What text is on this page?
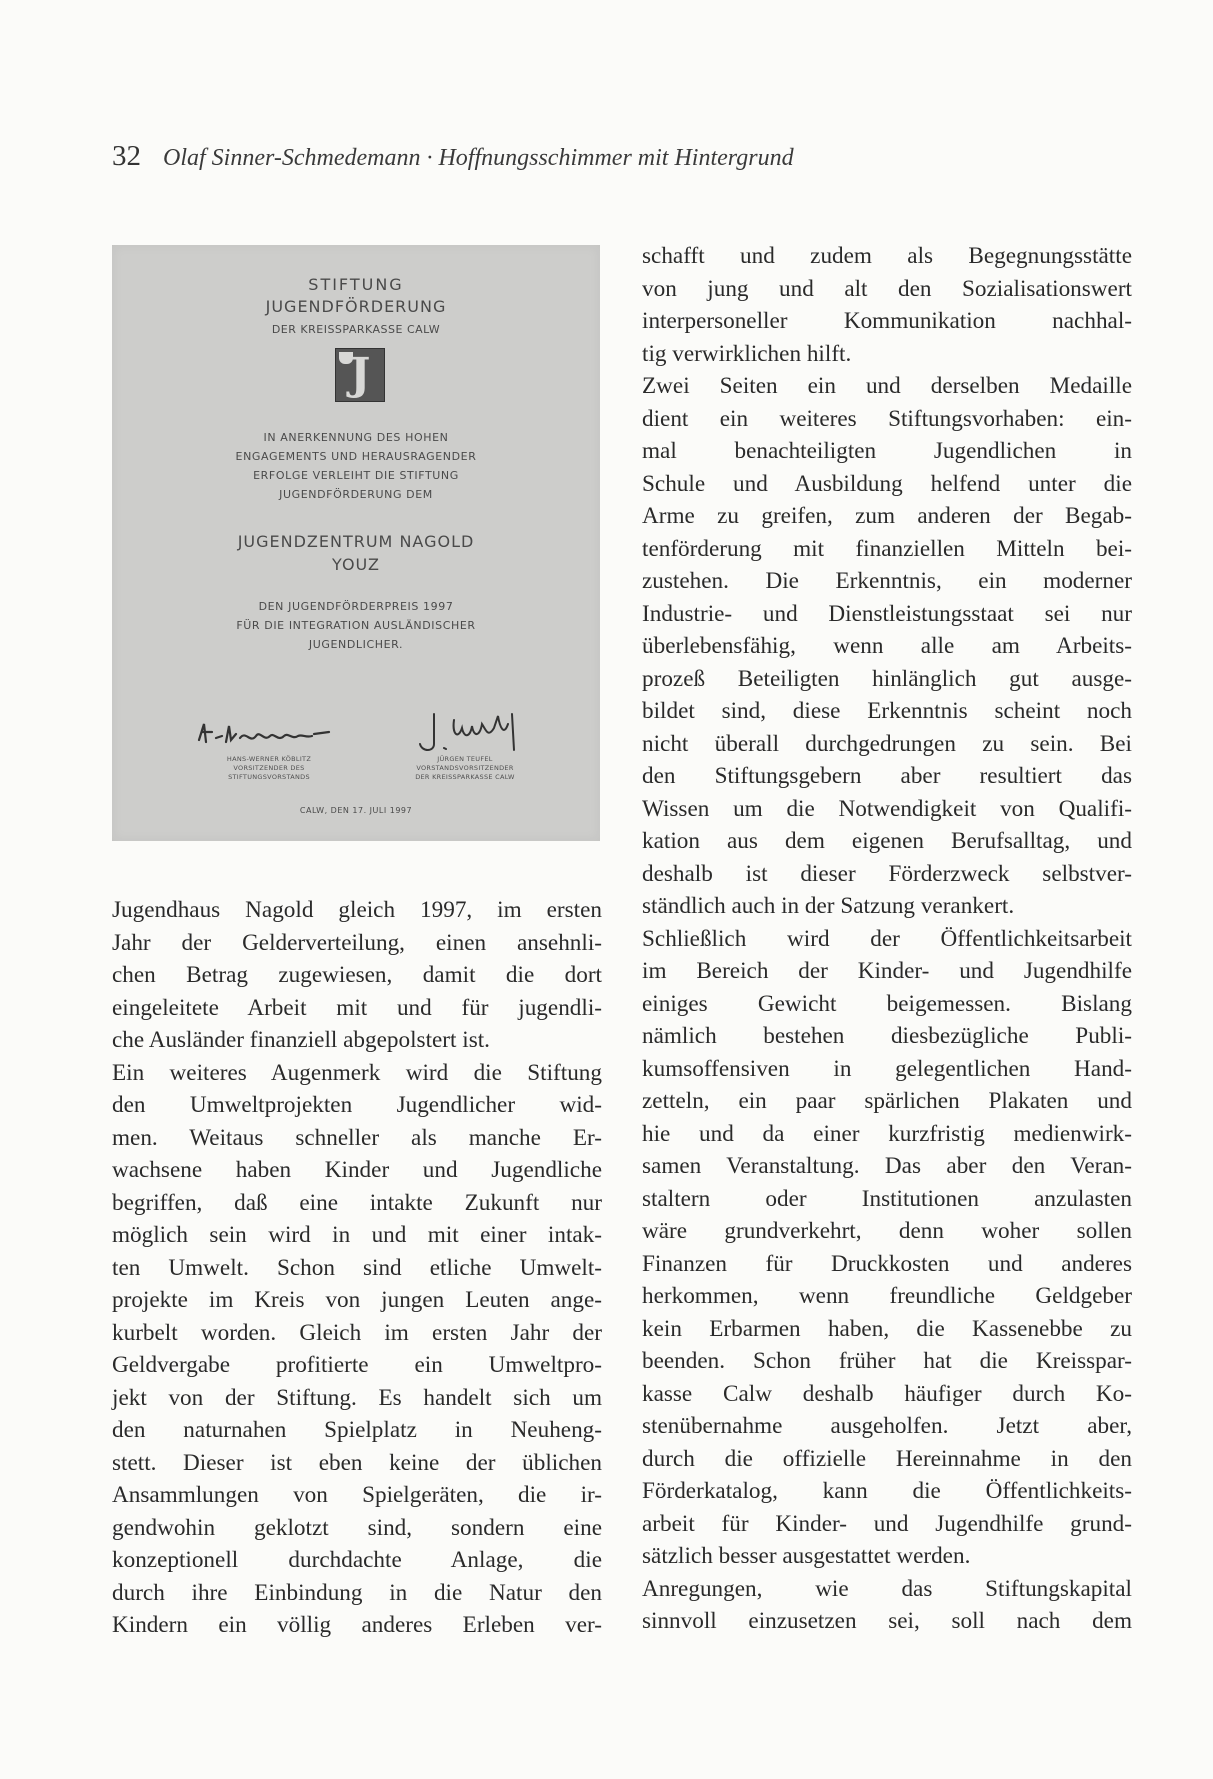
32 Olaf Sinner-Schmedemann · Hoffnungsschimmer mit Hintergrund
STIFTUNG
JUGENDFÖRDERUNG
DER KREISSPARKASSE CALW
J
IN ANERKENNUNG DES HOHEN
ENGAGEMENTS UND HERAUSRAGENDER
ERFOLGE VERLEIHT DIE STIFTUNG
JUGENDFÖRDERUNG DEM
JUGENDZENTRUM NAGOLD
YOUZ
DEN JUGENDFÖRDERPREIS 1997
FÜR DIE INTEGRATION AUSLÄNDISCHER
JUGENDLICHER.
HANS-WERNER KÖBLITZ
VORSITZENDER DES
STIFTUNGSVORSTANDS
JÜRGEN TEUFEL
VORSTANDSVORSITZENDER
DER KREISSPARKASSE CALW
CALW, DEN 17. JULI 1997
Jugendhaus Nagold gleich 1997, im ersten
Jahr der Gelderverteilung, einen ansehnli-
chen Betrag zugewiesen, damit die dort
eingeleitete Arbeit mit und für jugendli-
che Ausländer finanziell abgepolstert ist.
Ein weiteres Augenmerk wird die Stiftung
den Umweltprojekten Jugendlicher wid-
men. Weitaus schneller als manche Er-
wachsene haben Kinder und Jugendliche
begriffen, daß eine intakte Zukunft nur
möglich sein wird in und mit einer intak-
ten Umwelt. Schon sind etliche Umwelt-
projekte im Kreis von jungen Leuten ange-
kurbelt worden. Gleich im ersten Jahr der
Geldvergabe profitierte ein Umweltpro-
jekt von der Stiftung. Es handelt sich um
den naturnahen Spielplatz in Neuheng-
stett. Dieser ist eben keine der üblichen
Ansammlungen von Spielgeräten, die ir-
gendwohin geklotzt sind, sondern eine
konzeptionell durchdachte Anlage, die
durch ihre Einbindung in die Natur den
Kindern ein völlig anderes Erleben ver-
schafft und zudem als Begegnungsstätte
von jung und alt den Sozialisationswert
interpersoneller Kommunikation nachhal-
tig verwirklichen hilft.
Zwei Seiten ein und derselben Medaille
dient ein weiteres Stiftungsvorhaben: ein-
mal benachteiligten Jugendlichen in
Schule und Ausbildung helfend unter die
Arme zu greifen, zum anderen der Begab-
tenförderung mit finanziellen Mitteln bei-
zustehen. Die Erkenntnis, ein moderner
Industrie- und Dienstleistungsstaat sei nur
überlebensfähig, wenn alle am Arbeits-
prozeß Beteiligten hinlänglich gut ausge-
bildet sind, diese Erkenntnis scheint noch
nicht überall durchgedrungen zu sein. Bei
den Stiftungsgebern aber resultiert das
Wissen um die Notwendigkeit von Qualifi-
kation aus dem eigenen Berufsalltag, und
deshalb ist dieser Förderzweck selbstver-
ständlich auch in der Satzung verankert.
Schließlich wird der Öffentlichkeitsarbeit
im Bereich der Kinder- und Jugendhilfe
einiges Gewicht beigemessen. Bislang
nämlich bestehen diesbezügliche Publi-
kumsoffensiven in gelegentlichen Hand-
zetteln, ein paar spärlichen Plakaten und
hie und da einer kurzfristig medienwirk-
samen Veranstaltung. Das aber den Veran-
staltern oder Institutionen anzulasten
wäre grundverkehrt, denn woher sollen
Finanzen für Druckkosten und anderes
herkommen, wenn freundliche Geldgeber
kein Erbarmen haben, die Kassenebbe zu
beenden. Schon früher hat die Kreisspar-
kasse Calw deshalb häufiger durch Ko-
stenübernahme ausgeholfen. Jetzt aber,
durch die offizielle Hereinnahme in den
Förderkatalog, kann die Öffentlichkeits-
arbeit für Kinder- und Jugendhilfe grund-
sätzlich besser ausgestattet werden.
Anregungen, wie das Stiftungskapital
sinnvoll einzusetzen sei, soll nach dem
